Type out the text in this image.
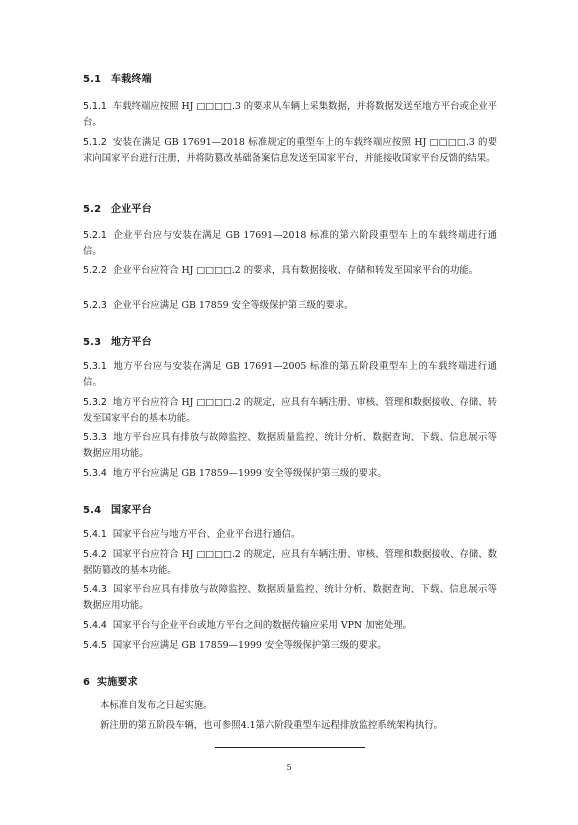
5.1 车载终端
5.1.1 车载终端应按照 HJ □□□□.3 的要求从车辆上采集数据，并将数据发送至地方平台或企业平台。
5.1.2 安装在满足 GB 17691—2018 标准规定的重型车上的车载终端应按照 HJ □□□□.3 的要求向国家平台进行注册，并将防篡改基础备案信息发送至国家平台，并能接收国家平台反馈的结果。
5.2 企业平台
5.2.1 企业平台应与安装在满足 GB 17691—2018 标准的第六阶段重型车上的车载终端进行通信。
5.2.2 企业平台应符合 HJ □□□□.2 的要求，具有数据接收、存储和转发至国家平台的功能。
5.2.3 企业平台应满足 GB 17859 安全等级保护第三级的要求。
5.3 地方平台
5.3.1 地方平台应与安装在满足 GB 17691—2005 标准的第五阶段重型车上的车载终端进行通信。
5.3.2 地方平台应符合 HJ □□□□.2 的规定，应具有车辆注册、审核、管理和数据接收、存储、转发至国家平台的基本功能。
5.3.3 地方平台应具有排放与故障监控、数据质量监控、统计分析、数据查询、下载、信息展示等数据应用功能。
5.3.4 地方平台应满足 GB 17859—1999 安全等级保护第三级的要求。
5.4 国家平台
5.4.1 国家平台应与地方平台、企业平台进行通信。
5.4.2 国家平台应符合 HJ □□□□.2 的规定，应具有车辆注册、审核、管理和数据接收、存储、数据防篡改的基本功能。
5.4.3 国家平台应具有排放与故障监控、数据质量监控、统计分析、数据查询、下载、信息展示等数据应用功能。
5.4.4 国家平台与企业平台或地方平台之间的数据传输应采用 VPN 加密处理。
5.4.5 国家平台应满足 GB 17859—1999 安全等级保护第三级的要求。
6 实施要求
本标准自发布之日起实施。
新注册的第五阶段车辆，也可参照4.1第六阶段重型车远程排放监控系统架构执行。
5
